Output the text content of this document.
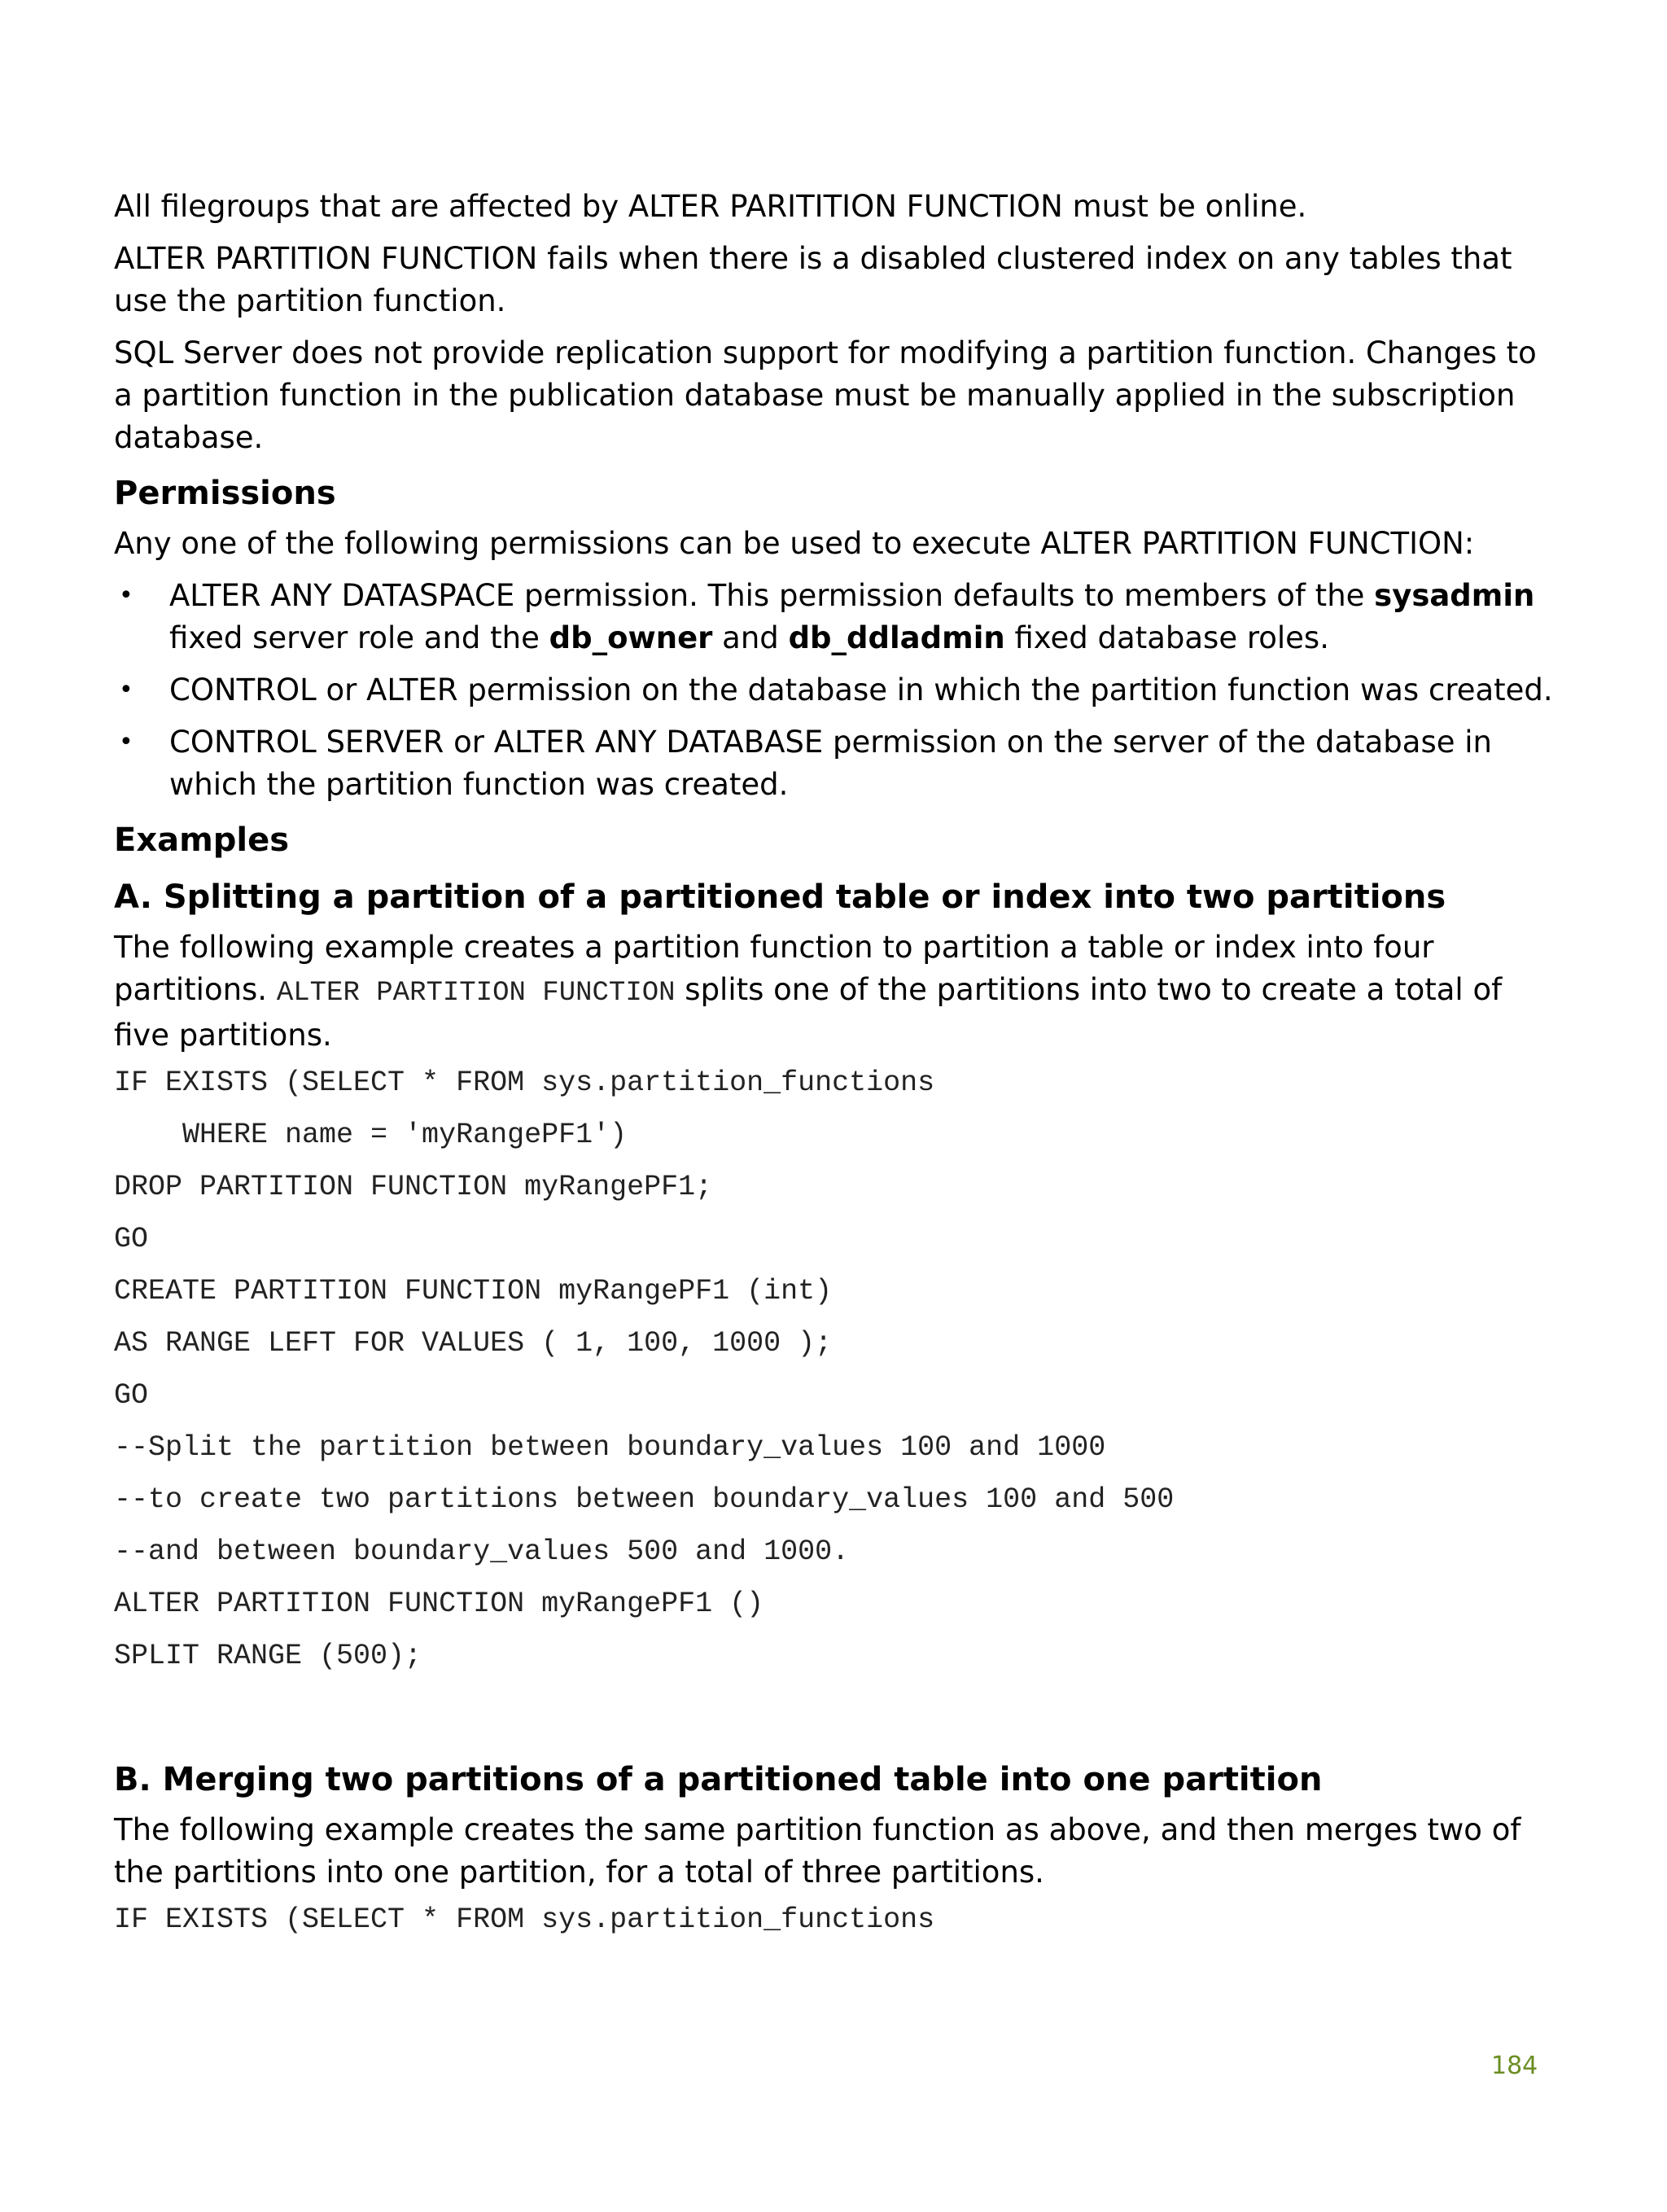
All filegroups that are affected by ALTER PARITITION FUNCTION must be online.

ALTER PARTITION FUNCTION fails when there is a disabled clustered index on any tables that use the partition function.

SQL Server does not provide replication support for modifying a partition function. Changes to a partition function in the publication database must be manually applied in the subscription database.

Permissions

Any one of the following permissions can be used to execute ALTER PARTITION FUNCTION:

• ALTER ANY DATASPACE permission. This permission defaults to members of the sysadmin fixed server role and the db_owner and db_ddladmin fixed database roles.
• CONTROL or ALTER permission on the database in which the partition function was created.
• CONTROL SERVER or ALTER ANY DATABASE permission on the server of the database in which the partition function was created.
Examples
A. Splitting a partition of a partitioned table or index into two partitions

The following example creates a partition function to partition a table or index into four partitions. ALTER PARTITION FUNCTION splits one of the partitions into two to create a total of five partitions.

IF EXISTS (SELECT * FROM sys.partition_functions
WHERE name = 'myRangePF1')
DROP PARTITION FUNCTION myRangePF1;
GO
CREATE PARTITION FUNCTION myRangePF1 (int)
AS RANGE LEFT FOR VALUES ( 1, 100, 1000 );
GO
--Split the partition between boundary_values 100 and 1000
--to create two partitions between boundary_values 100 and 500
--and between boundary_values 500 and 1000.
ALTER PARTITION FUNCTION myRangePF1 ()
SPLIT RANGE (500);
B. Merging two partitions of a partitioned table into one partition

The following example creates the same partition function as above, and then merges two of the partitions into one partition, for a total of three partitions.

IF EXISTS (SELECT * FROM sys.partition_functions
184
